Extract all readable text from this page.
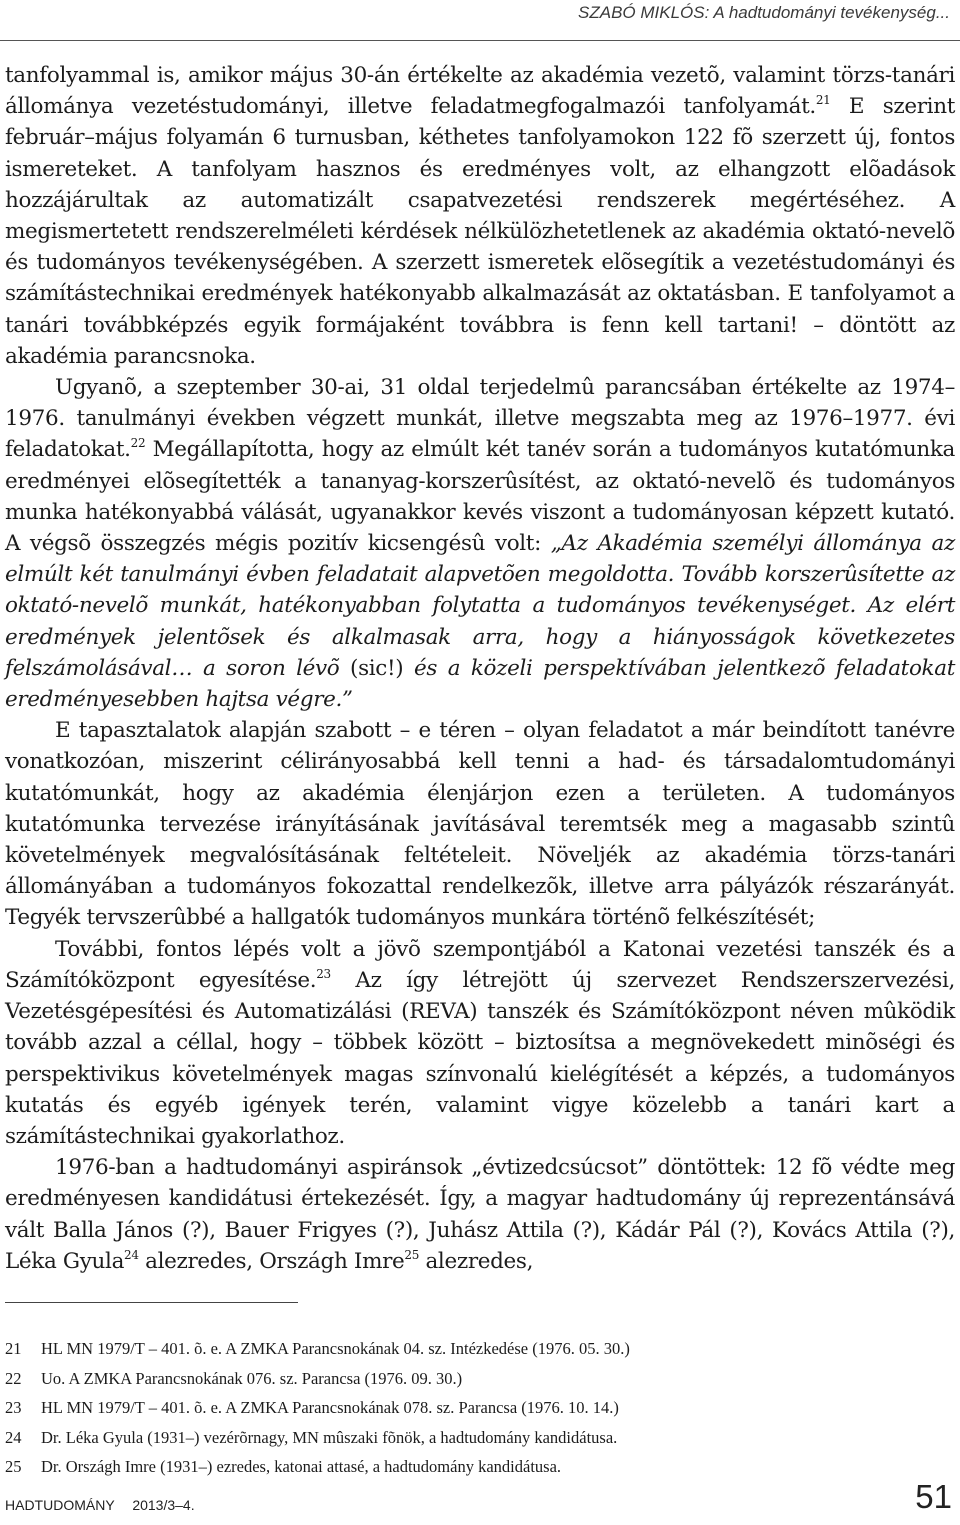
SZABÓ MIKLÓS: A hadtudományi tevékenység...

tanfolyammal is, amikor május 30-án értékelte az akadémia vezetõ, valamint törzs-tanári állománya vezetéstudományi, illetve feladatmegfogalmazói tanfolyamát.$^{21}$ E szerint február–május folyamán 6 turnusban, kéthetes tanfolyamokon 122 fõ szerzett új, fontos ismereteket. A tanfolyam hasznos és eredményes volt, az elhangzott elõadások hozzájárultak az automatizált csapatvezetési rendszerek megértéséhez. A megismertetett rendszerelméleti kérdések nélkülözhetetlenek az akadémia oktató-nevelõ és tudományos tevékenységében. A szerzett ismeretek elõsegítik a vezetéstudományi és számítástechnikai eredmények hatékonyabb alkalmazását az oktatásban. E tanfolyamot a tanári továbbképzés egyik formájaként továbbra is fenn kell tartani! – döntött az akadémia parancsnoka.

Ugyanõ, a szeptember 30-ai, 31 oldal terjedelmû parancsában értékelte az 1974–1976. tanulmányi években végzett munkát, illetve megszabta meg az 1976–1977. évi feladatokat.$^{22}$ Megállapította, hogy az elmúlt két tanév során a tudományos kutatómunka eredményei elõsegítették a tananyag-korszerûsítést, az oktató-nevelõ és tudományos munka hatékonyabbá válását, ugyanakkor kevés viszont a tudományosan képzett kutató. A végsõ összegzés mégis pozitív kicsengésû volt: „Az Akadémia személyi állománya az elmúlt két tanulmányi évben feladatait alapvetõen megoldotta. Tovább korszerûsítette az oktató-nevelõ munkát, hatékonyabban folytatta a tudományos tevékenységet. Az elért eredmények jelentõsek és alkalmasak arra, hogy a hiányosságok következetes felszámolásával… a soron lévõ (sic!) és a közeli perspektívában jelentkezõ feladatokat eredményesebben hajtsa végre.”

E tapasztalatok alapján szabott – e téren – olyan feladatot a már beindított tanévre vonatkozóan, miszerint célirányosabbá kell tenni a had- és társadalomtudományi kutatómunkát, hogy az akadémia élenjárjon ezen a területen. A tudományos kutatómunka tervezése irányításának javításával teremtsék meg a magasabb szintû követelmények megvalósításának feltételeit. Növeljék az akadémia törzs-tanári állományában a tudományos fokozattal rendelkezõk, illetve arra pályázók részarányát. Tegyék tervszerûbbé a hallgatók tudományos munkára történõ felkészítését;

További, fontos lépés volt a jövõ szempontjából a Katonai vezetési tanszék és a Számítóközpont egyesítése.$^{23}$ Az így létrejött új szervezet Rendszerszervezési, Vezetésgépesítési és Automatizálási (REVA) tanszék és Számítóközpont néven mûködik tovább azzal a céllal, hogy – többek között – biztosítsa a megnövekedett minõségi és perspektivikus követelmények magas színvonalú kielégítését a képzés, a tudományos kutatás és egyéb igények terén, valamint vigye közelebb a tanári kart a számítástechnikai gyakorlathoz.

1976-ban a hadtudományi aspiránsok „évtizedcsúcsot” döntöttek: 12 fõ védte meg eredményesen kandidátusi értekezését. Így, a magyar hadtudomány új reprezentánsává vált Balla János (?), Bauer Frigyes (?), Juhász Attila (?), Kádár Pál (?), Kovács Attila (?), Léka Gyula$^{24}$ alezredes, Országh Imre$^{25}$ alezredes,

21	HL MN 1979/T – 401. õ. e. A ZMKA Parancsnokának 04. sz. Intézkedése (1976. 05. 30.)
22	Uo. A ZMKA Parancsnokának 076. sz. Parancsa (1976. 09. 30.)
23	HL MN 1979/T – 401. õ. e. A ZMKA Parancsnokának 078. sz. Parancsa (1976. 10. 14.)
24	Dr. Léka Gyula (1931–) vezérõrnagy, MN mûszaki fõnök, a hadtudomány kandidátusa.
25	Dr. Országh Imre (1931–) ezredes, katonai attasé, a hadtudomány kandidátusa.
HADTUDOMÁNY 2013/3–4.	51
